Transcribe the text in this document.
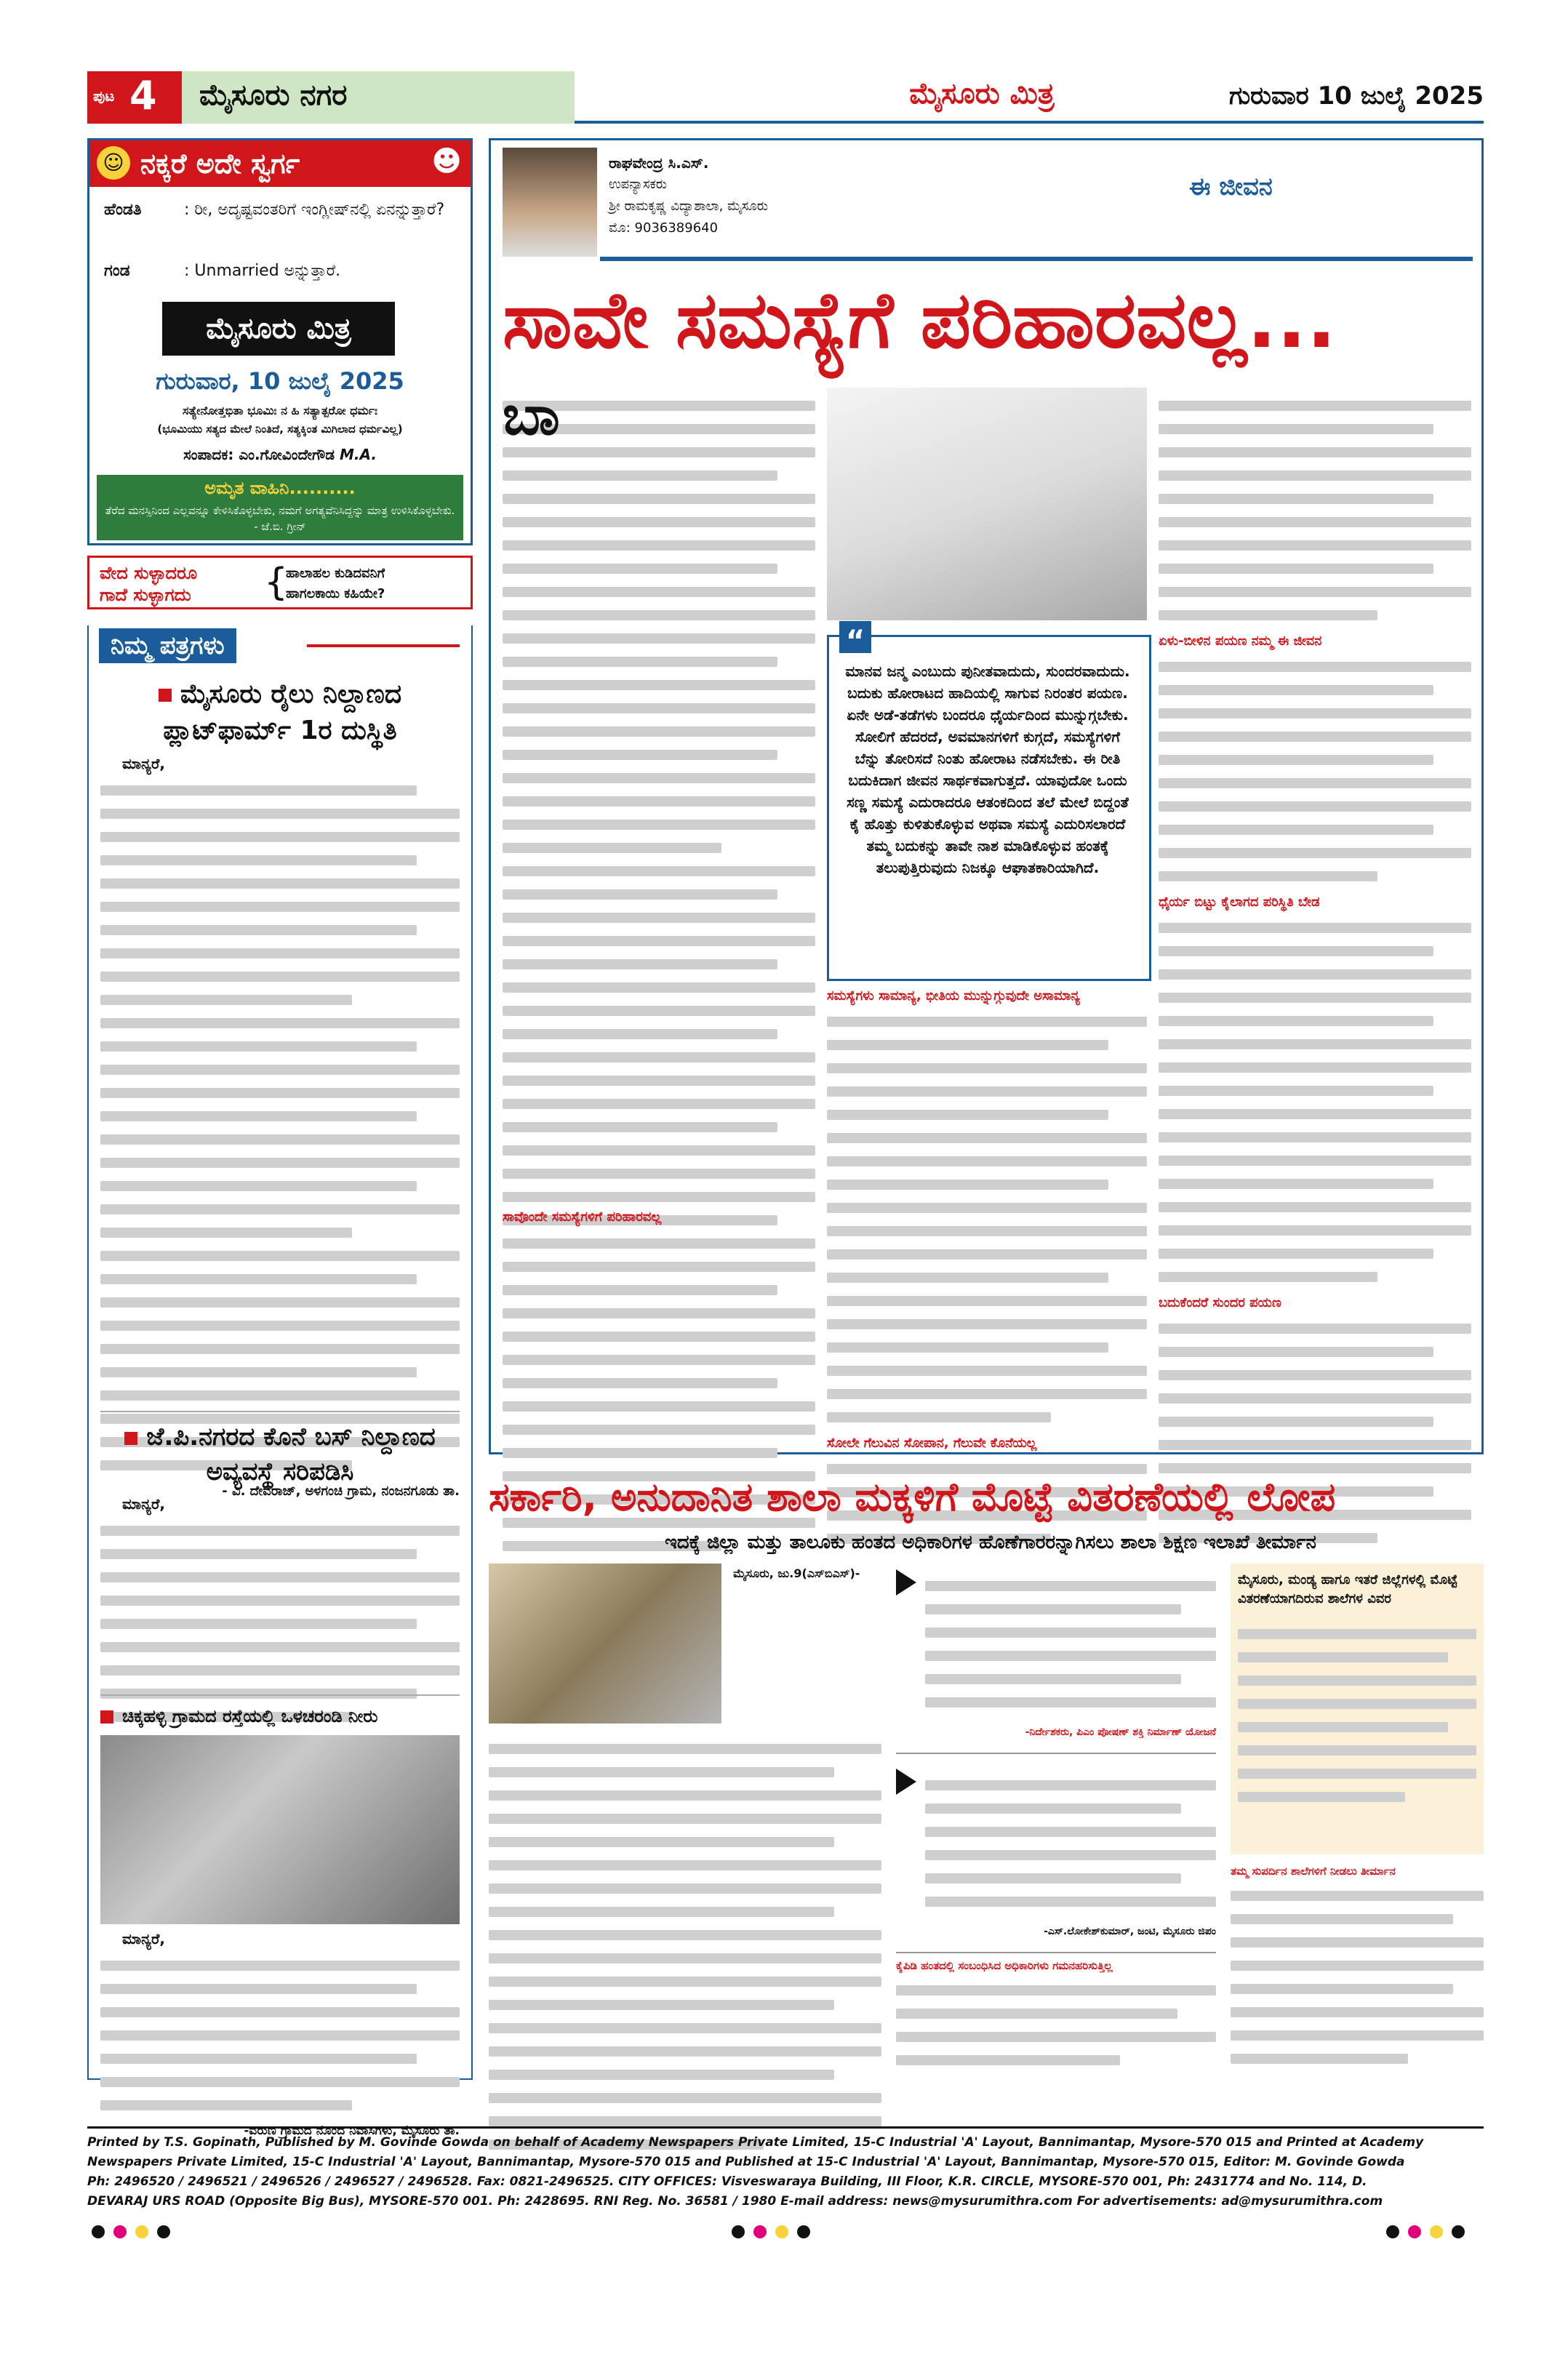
ಪುಟ 4 ಮೈಸೂರು ನಗರ	ಮೈಸೂರು ಮಿತ್ರ	ಗುರುವಾರ 10 ಜುಲೈ 2025
☺ ನಕ್ಕರೆ ಅದೇ ಸ್ವರ್ಗ	☻
ಹೆಂಡತಿ	: ರೀ, ಅದೃಷ್ಟವಂತರಿಗೆ ಇಂಗ್ಲೀಷ್‌ನಲ್ಲಿ ಏನನ್ನುತ್ತಾರೆ?
ಗಂಡ	: Unmarried ಅನ್ನುತ್ತಾರೆ.
ಮೈಸೂರು ಮಿತ್ರ
ಗುರುವಾರ, 10 ಜುಲೈ 2025
ಸತ್ಯೇನೋತ್ತಭಿತಾ ಭೂಮಿಃ ನ ಹಿ ಸತ್ಯಾತ್ಪರೋ ಧರ್ಮಃ
(ಭೂಮಿಯು ಸತ್ಯದ ಮೇಲೆ ನಿಂತಿದೆ, ಸತ್ಯಕ್ಕಿಂತ ಮಿಗಿಲಾದ ಧರ್ಮವಿಲ್ಲ)
ಸಂಪಾದಕ: ಎಂ.ಗೋವಿಂದೇಗೌಡ M.A.
ಅಮೃತ ವಾಹಿನಿ..........
ತೆರೆದ ಮನಸ್ಸಿನಿಂದ ಎಲ್ಲವನ್ನೂ ಕೇಳಿಸಿಕೊಳ್ಳಬೇಕು, ನಮಗೆ ಅಗತ್ಯವೆನಿಸಿದ್ದನ್ನು ಮಾತ್ರ ಉಳಿಸಿಕೊಳ್ಳಬೇಕು. - ಜೆ.ಬಿ. ಗ್ರೀನ್
ವೇದ ಸುಳ್ಳಾದರೂ
ಗಾದೆ ಸುಳ್ಳಾಗದು {
ಹಾಲಾಹಲ ಕುಡಿದವನಿಗೆ
ಹಾಗಲಕಾಯಿ ಕಹಿಯೇ?
ನಿಮ್ಮ ಪತ್ರಗಳು
ಮೈಸೂರು ರೈಲು ನಿಲ್ದಾಣದ ಪ್ಲಾಟ್‌ಫಾರ್ಮ್ 1ರ ದುಸ್ಥಿತಿ
ಮಾನ್ಯರೆ,
- ವಿ. ದೇವರಾಜ್, ಅಳಗಂಚಿ ಗ್ರಾಮ, ನಂಜನಗೂಡು ತಾ.
ಜೆ.ಪಿ.ನಗರದ ಕೊನೆ ಬಸ್ ನಿಲ್ದಾಣದ ಅವ್ಯವಸ್ಥೆ ಸರಿಪಡಿಸಿ
ಮಾನ್ಯರೆ,
ಚಿಕ್ಕಹಳ್ಳಿ ಗ್ರಾಮದ ರಸ್ತೆಯಲ್ಲಿ ಒಳಚರಂಡಿ ನೀರು
ಮಾನ್ಯರೆ,
-ವರುಣ ಗ್ರಾಮದ ನೊಂದ ನಿವಾಸಿಗಳು, ಮೈಸೂರು ತಾ.
ರಾಘವೇಂದ್ರ ಸಿ.ಎಸ್.
ಉಪನ್ಯಾಸಕರು
ಶ್ರೀ ರಾಮಕೃಷ್ಣ ವಿದ್ಯಾಶಾಲಾ, ಮೈಸೂರು
ಮೊ: 9036389640
ಈ ಜೀವನ
ಸಾವೇ ಸಮಸ್ಯೆಗೆ ಪರಿಹಾರವಲ್ಲ...
ಬಾ
“
ಮಾನವ ಜನ್ಮ ಎಂಬುದು ಪುನೀತವಾದುದು, ಸುಂದರವಾದುದು. ಬದುಕು ಹೋರಾಟದ ಹಾದಿಯಲ್ಲಿ ಸಾಗುವ ನಿರಂತರ ಪಯಣ. ಏನೇ ಅಡೆ-ತಡೆಗಳು ಬಂದರೂ ಧೈರ್ಯದಿಂದ ಮುನ್ನುಗ್ಗಬೇಕು. ಸೋಲಿಗೆ ಹೆದರದೆ, ಅವಮಾನಗಳಿಗೆ ಕುಗ್ಗದೆ, ಸಮಸ್ಯೆಗಳಿಗೆ ಬೆನ್ನು ತೋರಿಸದೆ ನಿಂತು ಹೋರಾಟ ನಡೆಸಬೇಕು. ಈ ರೀತಿ ಬದುಕಿದಾಗ ಜೀವನ ಸಾರ್ಥಕವಾಗುತ್ತದೆ. ಯಾವುದೋ ಒಂದು ಸಣ್ಣ ಸಮಸ್ಯೆ ಎದುರಾದರೂ ಆತಂಕದಿಂದ ತಲೆ ಮೇಲೆ ಬಿದ್ದಂತೆ ಕೈ ಹೊತ್ತು ಕುಳಿತುಕೊಳ್ಳುವ ಅಥವಾ ಸಮಸ್ಯೆ ಎದುರಿಸಲಾರದೆ ತಮ್ಮ ಬದುಕನ್ನು ತಾವೇ ನಾಶ ಮಾಡಿಕೊಳ್ಳುವ ಹಂತಕ್ಕೆ ತಲುಪುತ್ತಿರುವುದು ನಿಜಕ್ಕೂ ಆಘಾತಕಾರಿಯಾಗಿದೆ.
ಸಮಸ್ಯೆಗಳು ಸಾಮಾನ್ಯ, ಭೀತಿಯ ಮುನ್ನುಗ್ಗುವುದೇ ಅಸಾಮಾನ್ಯ
ಸೋಲೇ ಗೆಲುವಿನ ಸೋಪಾನ, ಗೆಲುವೇ ಕೊನೆಯಲ್ಲ
ಏಳು-ಬೀಳಿನ ಪಯಣ ನಮ್ಮ ಈ ಜೀವನ
ಧೈರ್ಯ ಬಿಟ್ಟು ಕೈಲಾಗದ ಪರಿಸ್ಥಿತಿ ಬೇಡ
ಬದುಕೆಂದರೆ ಸುಂದರ ಪಯಣ
ಸಾವೊಂದೇ ಸಮಸ್ಯೆಗಳಿಗೆ ಪರಿಹಾರವಲ್ಲ
ಸರ್ಕಾರಿ, ಅನುದಾನಿತ ಶಾಲಾ ಮಕ್ಕಳಿಗೆ ಮೊಟ್ಟೆ ವಿತರಣೆಯಲ್ಲಿ ಲೋಪ
ಇದಕ್ಕೆ ಜಿಲ್ಲಾ ಮತ್ತು ತಾಲೂಕು ಹಂತದ ಅಧಿಕಾರಿಗಳ ಹೊಣೆಗಾರರನ್ನಾಗಿಸಲು ಶಾಲಾ ಶಿಕ್ಷಣ ಇಲಾಖೆ ತೀರ್ಮಾನ
ಮೈಸೂರು, ಜು.9(ಎಸ್‌ಬಿಎಸ್)-
-ನಿರ್ದೇಶಕರು, ಪಿಎಂ ಪೋಷಣ್ ಶಕ್ತಿ ನಿರ್ಮಾಣ್ ಯೋಜನೆ
-ಎಸ್.ಲೋಕೇಶ್‌ಕುಮಾರ್, ಜಂಟಿ, ಮೈಸೂರು ಜಿಪಂ
ಕೈಪಿಡಿ ಹಂತದಲ್ಲಿ ಸಂಬಂಧಿಸಿದ ಅಧಿಕಾರಿಗಳು ಗಮನಹರಿಸುತ್ತಿಲ್ಲ
ಮೈಸೂರು, ಮಂಡ್ಯ ಹಾಗೂ ಇತರೆ ಜಿಲ್ಲೆಗಳಲ್ಲಿ ಮೊಟ್ಟೆ ವಿತರಣೆಯಾಗದಿರುವ ಶಾಲೆಗಳ ವಿವರ
ತಮ್ಮ ಸುಪರ್ದಿನ ಶಾಲೆಗಳಿಗೆ ನೀಡಲು ತೀರ್ಮಾನ
Printed by T.S. Gopinath, Published by M. Govinde Gowda on behalf of Academy Newspapers Private Limited, 15-C Industrial 'A' Layout, Bannimantap, Mysore-570 015 and Printed at Academy
Newspapers Private Limited, 15-C Industrial 'A' Layout, Bannimantap, Mysore-570 015 and Published at 15-C Industrial 'A' Layout, Bannimantap, Mysore-570 015, Editor: M. Govinde Gowda
Ph: 2496520 / 2496521 / 2496526 / 2496527 / 2496528. Fax: 0821-2496525. CITY OFFICES: Visveswaraya Building, III Floor, K.R. CIRCLE, MYSORE-570 001, Ph: 2431774 and No. 114, D.
DEVARAJ URS ROAD (Opposite Big Bus), MYSORE-570 001. Ph: 2428695. RNI Reg. No. 36581 / 1980 E-mail address: news@mysurumithra.com For advertisements: ad@mysurumithra.com
